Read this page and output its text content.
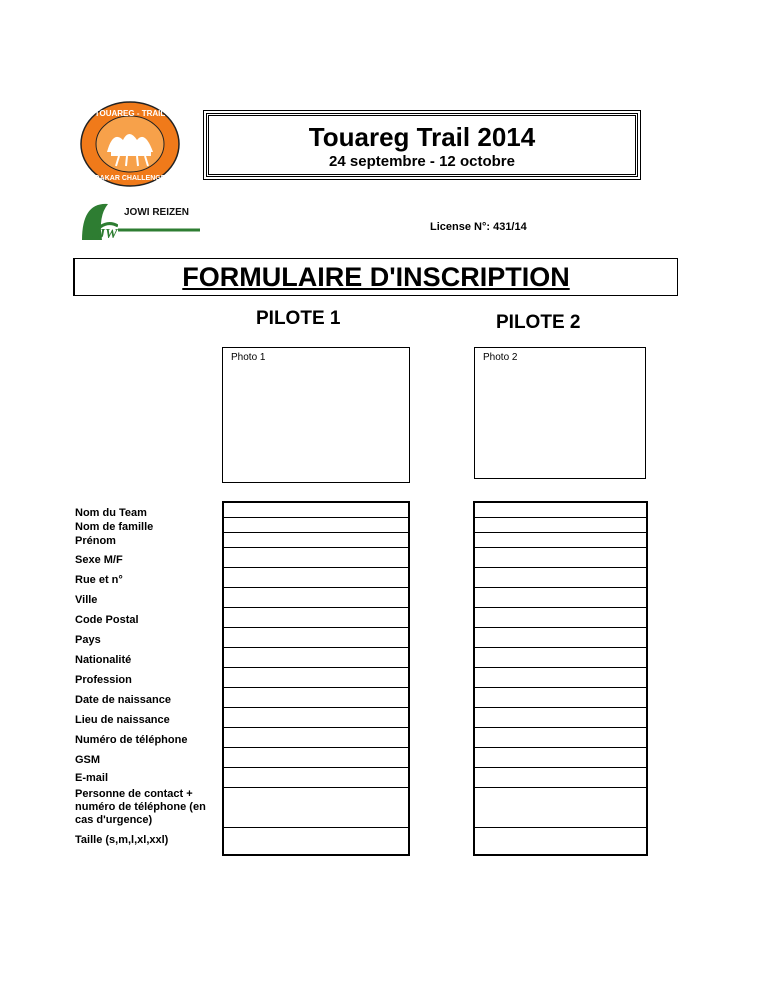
TOUAREG - TRAIL
DAKAR CHALLENGE
Touareg Trail 2014
24 septembre - 12 octobre
JW
JOWI REIZEN
License N°: 431/14
FORMULAIRE D'INSCRIPTION
PILOTE 1	PILOTE 2
Photo 1	Photo 2
Nom du Team
Nom de famille
Prénom
Sexe M/F
Rue et n°
Ville
Code Postal
Pays
Nationalité
Profession
Date de naissance
Lieu de naissance
Numéro de téléphone
GSM
E-mail
Personne de contact + numéro de téléphone (en cas d'urgence)
Taille (s,m,l,xl,xxl)
